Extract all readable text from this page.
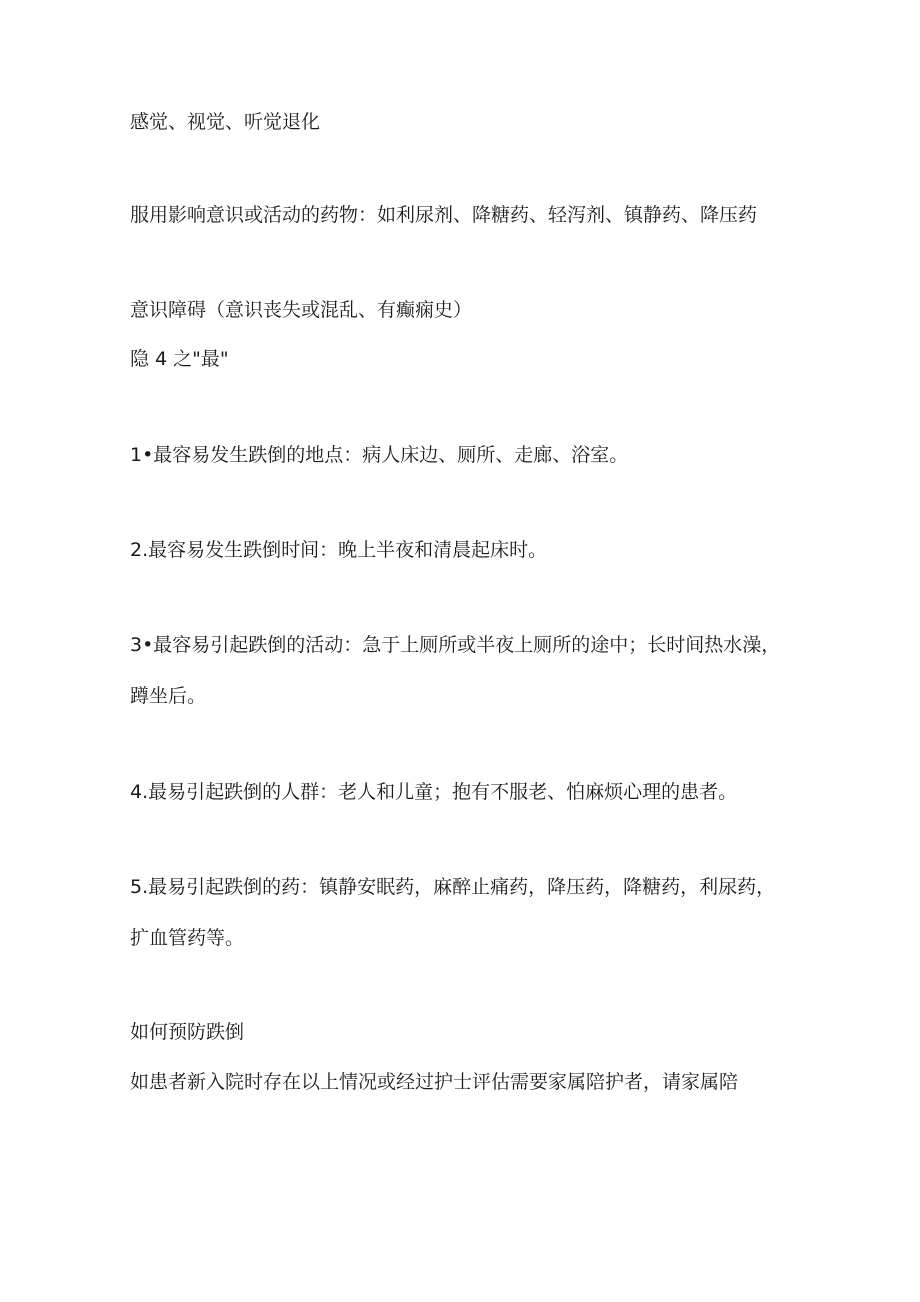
感觉、视觉、听觉退化

服用影响意识或活动的药物：如利尿剂、降糖药、轻泻剂、镇静药、降压药

意识障碍（意识丧失或混乱、有癫痫史）

隐 4 之"最"

1•最容易发生跌倒的地点：病人床边、厕所、走廊、浴室。

2.最容易发生跌倒时间：晚上半夜和清晨起床时。

3•最容易引起跌倒的活动：急于上厕所或半夜上厕所的途中；长时间热水澡，

蹲坐后。

4.最易引起跌倒的人群：老人和儿童；抱有不服老、怕麻烦心理的患者。

5.最易引起跌倒的药：镇静安眠药，麻醉止痛药，降压药，降糖药，利尿药，

扩血管药等。

如何预防跌倒

如患者新入院时存在以上情况或经过护士评估需要家属陪护者，请家属陪
